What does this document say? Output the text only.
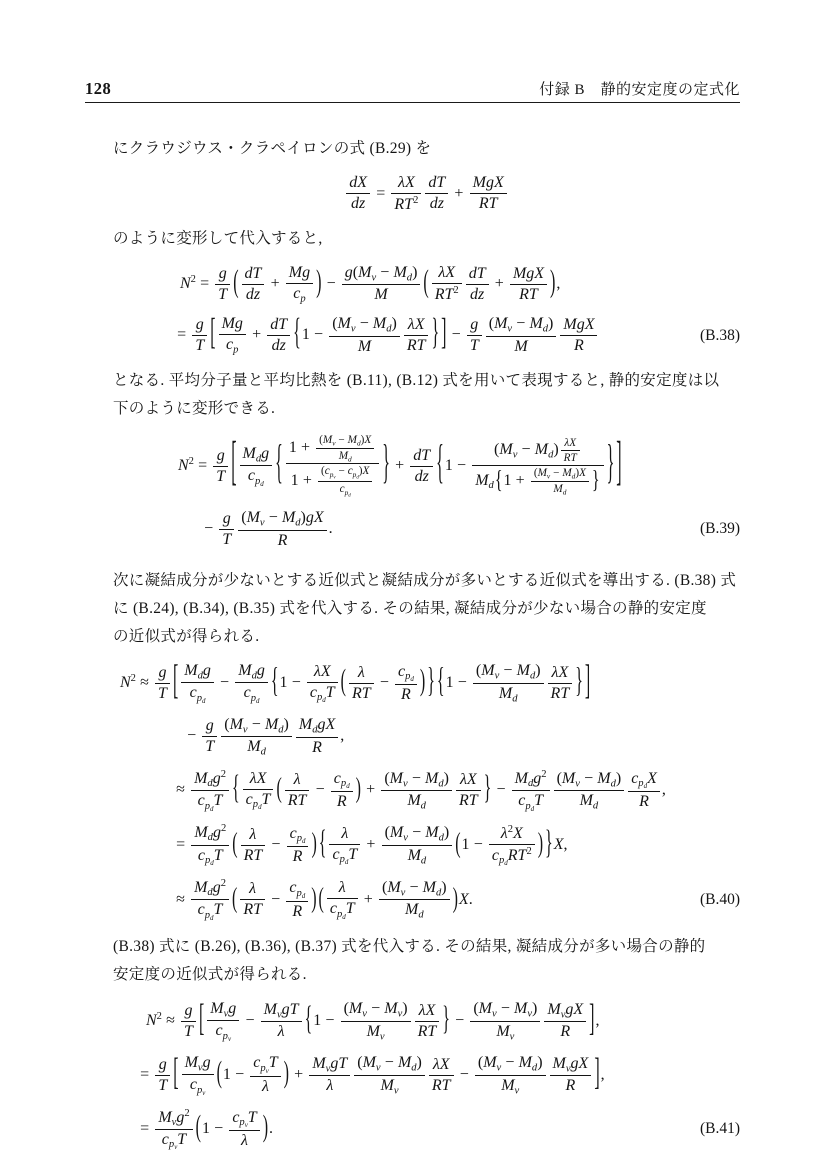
128	付録 B　静的安定度の定式化
にクラウジウス・クラペイロンの式 (B.29) を
$\frac{dX}{dz} = \frac{\lambda X}{RT^2} \frac{dT}{dz}$ +
MgX
RT
のように変形して代入すると,
$N^2 = \frac{g}{T}$ ( $\frac{dT}{dz} + \frac{Mg}{c_p}$ ) − $\frac{g(M_v - M_d)}{M}$ ( $\frac{\lambda X}{RT^2} \frac{dT}{dz}$ +
MgX
RT ),
= $\frac{g}{T}$ [ $\frac{Mg}{c_p} + \frac{dT}{dz} \{1 - \frac{(M_v - M_d)}{M} \frac{\lambda X}{RT}$ } ] − $\frac{g}{T} \frac{(M_v - M_d)}{M}$ MgX
R
(B.38)
となる. 平均分子量と平均比熱を (B.11), (B.12) 式を用いて表現すると, 静的安定度は以
下のように変形できる.
$N^2 = \frac{g}{T}$ [ $M_dg$
$c_{p_d}$ { $1 + \frac{(M_v - M_d)X}{M_d}$
1 +
$(c_{p_v}- c_{p_d})X$
$c_{p_d}$
} + $\frac{dT}{dz} \{1$ −
$(M_v - M_d) \frac{\lambda X}{RT}$
$M_d\{1 + \frac{(M_v - M_d)X}{M_d}$ } } ]
− $\frac{g}{T} \frac{(M_v - M_d)gX}{R}$ .	(B.39)
次に凝結成分が少ないとする近似式と凝結成分が多いとする近似式を導出する. (B.38) 式
に (B.24), (B.34), (B.35) 式を代入する. その結果, 凝結成分が少ない場合の静的安定度
の近似式が得られる.
$N^2 \approx \frac{g}{T}$ [ $M_dg$
$c_{p_d}$
−
$M_dg$
$c_{p_d}$
{1 −
λX
$c_{p_d}T$ ( $\frac{\lambda}{RT}$ −
$c_{p_d}$
R ) } {$1 - \frac{(M_v - M_d)}{M_d} \frac{\lambda X}{RT}$ } ]
− $\frac{g}{T} \frac{(M_v - M_d)}{M_d} M_dgX$
R
,
≈
$M_dg^2$
$c_{p_d}T$ { λX
$c_{p_d}T$ ( $\frac{\lambda}{RT}$ −
$c_{p_d}$
R ) + $\frac{(M_v - M_d)}{M_d} \frac{\lambda X}{RT}$ } −
$M_dg^2$
$c_{p_d}T \frac{(M_v - M_d)}{M_d} c_{p_d}X$
R
,
=
$M_dg^2$
$c_{p_d}T$ ( $\frac{\lambda}{RT}$ −
$c_{p_d}$
R ) { λ
$c_{p_d}T$
+ $\frac{(M_v - M_d)}{M_d} (1$ −
$\lambda^2X$
$c_{p_d}RT^2$ ) }X,
≈
$M_dg^2$
$c_{p_d}T$ ( $\frac{\lambda}{RT}$ −
$c_{p_d}$
R ) ( λ
$c_{p_d}T$
+ $\frac{(M_v - M_d)}{M_d} )X$.	(B.40)
(B.38) 式に (B.26), (B.36), (B.37) 式を代入する. その結果, 凝結成分が多い場合の静的
安定度の近似式が得られる.
$N^2 \approx \frac{g}{T}$ [ $M_vg$
$c_{p_v}$
−
$M_vgT$
λ	{$1 - \frac{(M_v - M_v)}{M_v} \frac{\lambda X}{RT}$ } − $\frac{(M_v - M_v)}{M_v} M_vgX$
R	],
= $\frac{g}{T}$ [ $M_vg$
$c_{p_v}$
(1 −
$c_{p_v}T$
λ ) +
$M_vgT$
λ	$\frac{(M_v - M_d)}{M_v} \frac{\lambda X}{RT} - \frac{(M_v - M_d)}{M_v} M_vgX$
R	],
=
$M_vg^2$
$c_{p_v}T$ (1 −
$c_{p_v}T$
λ ).	(B.41)
